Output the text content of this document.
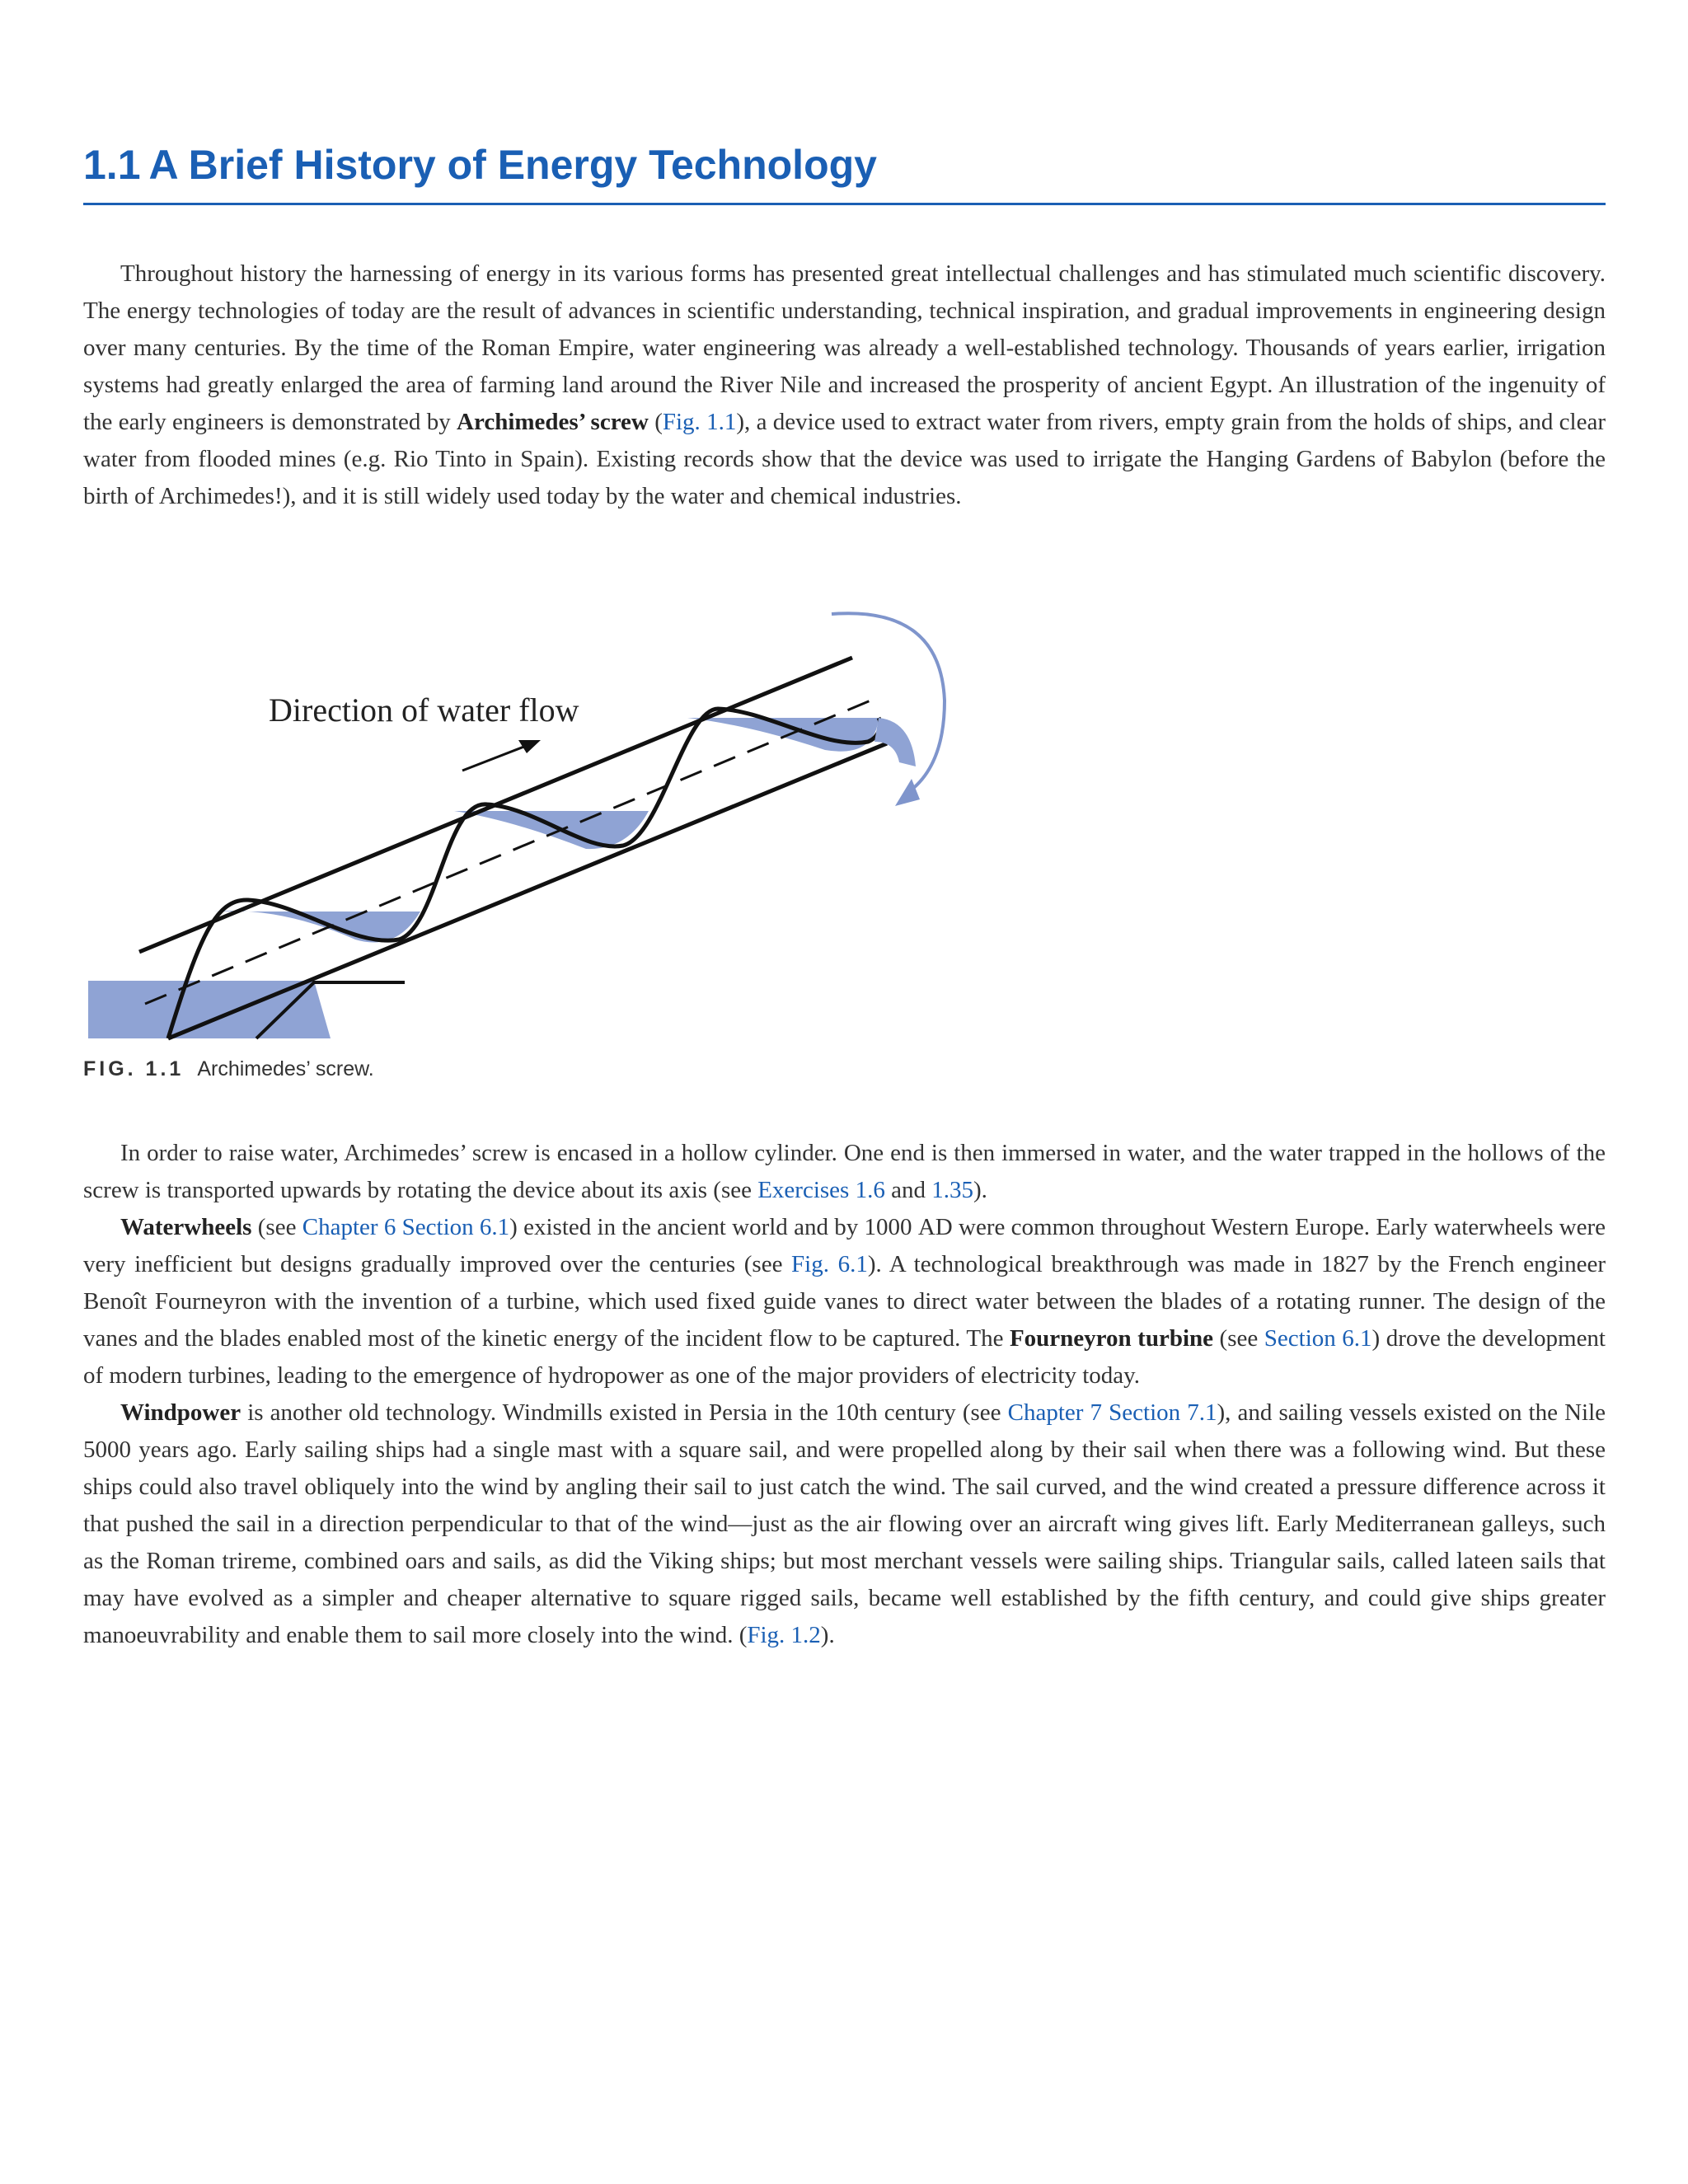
1.1 A Brief History of Energy Technology

Throughout history the harnessing of energy in its various forms has presented great intellectual challenges and has stimulated much scientific discovery. The energy technologies of today are the result of advances in scientific understanding, technical inspiration, and gradual improvements in engineering design over many centuries. By the time of the Roman Empire, water engineering was already a well-established technology. Thousands of years earlier, irrigation systems had greatly enlarged the area of farming land around the River Nile and increased the prosperity of ancient Egypt. An illustration of the ingenuity of the early engineers is demonstrated by Archimedes’ screw (Fig. 1.1), a device used to extract water from rivers, empty grain from the holds of ships, and clear water from flooded mines (e.g. Rio Tinto in Spain). Existing records show that the device was used to irrigate the Hanging Gardens of Babylon (before the birth of Archimedes!), and it is still widely used today by the water and chemical industries.

Direction of water flow
FIG. 1.1 Archimedes’ screw.

In order to raise water, Archimedes’ screw is encased in a hollow cylinder. One end is then immersed in water, and the water trapped in the hollows of the screw is transported upwards by rotating the device about its axis (see Exercises 1.6 and 1.35).

Waterwheels (see Chapter 6 Section 6.1) existed in the ancient world and by 1000 AD were common throughout Western Europe. Early waterwheels were very inefficient but designs gradually improved over the centuries (see Fig. 6.1). A technological breakthrough was made in 1827 by the French engineer Benoît Fourneyron with the invention of a turbine, which used fixed guide vanes to direct water between the blades of a rotating runner. The design of the vanes and the blades enabled most of the kinetic energy of the incident flow to be captured. The Fourneyron turbine (see Section 6.1) drove the development of modern turbines, leading to the emergence of hydropower as one of the major providers of electricity today.

Windpower is another old technology. Windmills existed in Persia in the 10th century (see Chapter 7 Section 7.1), and sailing vessels existed on the Nile 5000 years ago. Early sailing ships had a single mast with a square sail, and were propelled along by their sail when there was a following wind. But these ships could also travel obliquely into the wind by angling their sail to just catch the wind. The sail curved, and the wind created a pressure difference across it that pushed the sail in a direction perpendicular to that of the wind—just as the air flowing over an aircraft wing gives lift. Early Mediterranean galleys, such as the Roman trireme, combined oars and sails, as did the Viking ships; but most merchant vessels were sailing ships. Triangular sails, called lateen sails that may have evolved as a simpler and cheaper alternative to square rigged sails, became well established by the fifth century, and could give ships greater manoeuvrability and enable them to sail more closely into the wind. (Fig. 1.2).
